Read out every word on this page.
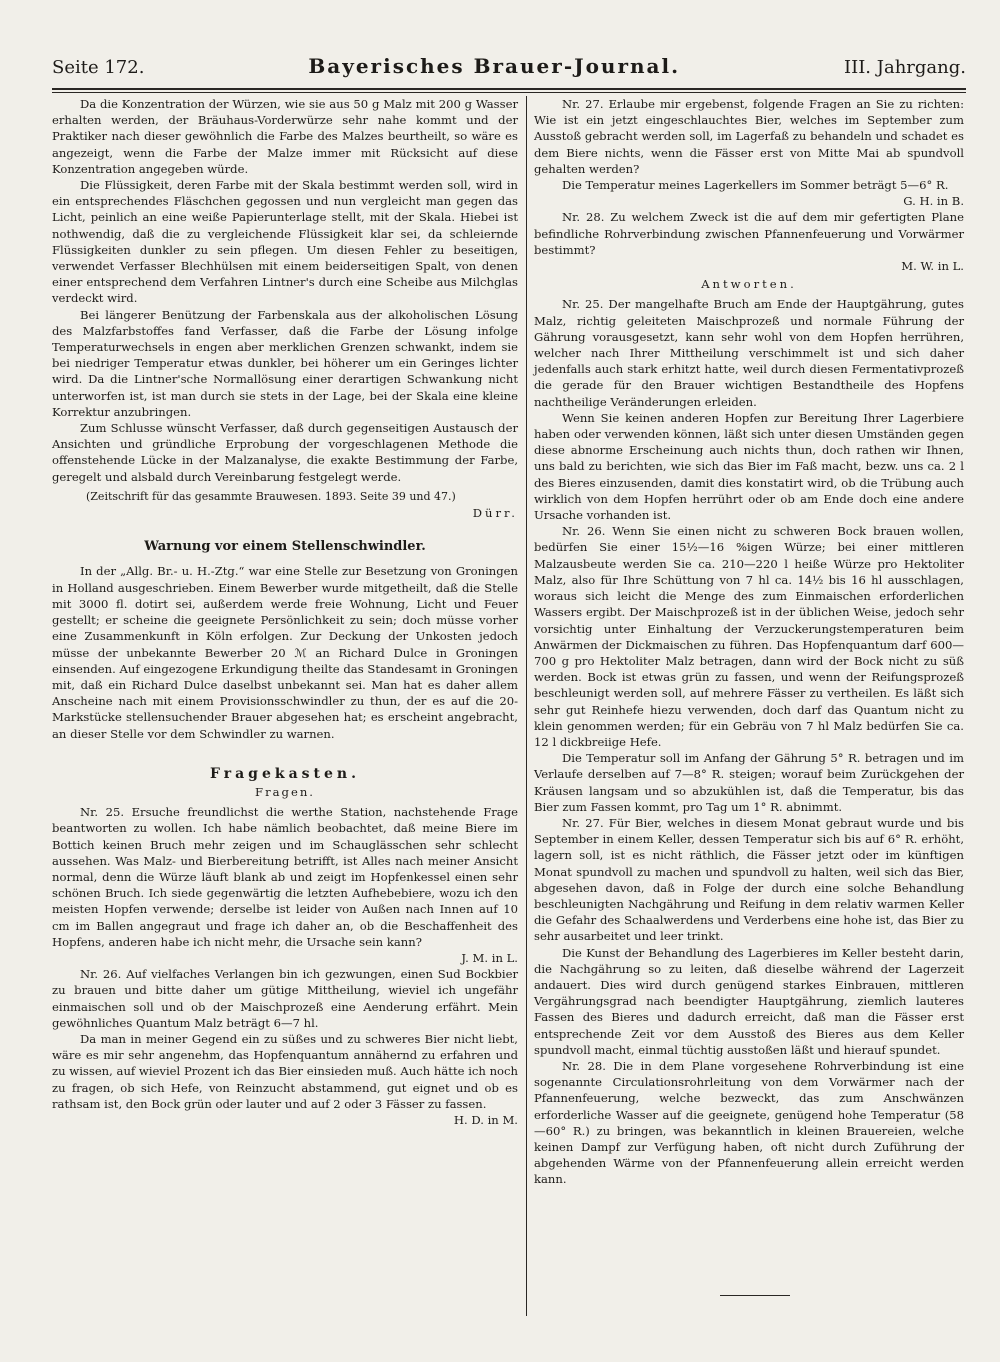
Seite 172.	Bayerisches Brauer-Journal.	III. Jahrgang.

Da die Konzentration der Würzen, wie sie aus 50 g Malz mit 200 g Wasser erhalten werden, der Bräuhaus-Vorderwürze sehr nahe kommt und der Praktiker nach dieser gewöhnlich die Farbe des Malzes beurtheilt, so wäre es angezeigt, wenn die Farbe der Malze immer mit Rücksicht auf diese Konzentration angegeben würde.

Die Flüssigkeit, deren Farbe mit der Skala bestimmt werden soll, wird in ein entsprechendes Fläschchen gegossen und nun vergleicht man gegen das Licht, peinlich an eine weiße Papierunterlage stellt, mit der Skala. Hiebei ist nothwendig, daß die zu vergleichende Flüssigkeit klar sei, da schleiernde Flüssigkeiten dunkler zu sein pflegen. Um diesen Fehler zu beseitigen, verwendet Verfasser Blechhülsen mit einem beiderseitigen Spalt, von denen einer entsprechend dem Verfahren Lintner's durch eine Scheibe aus Milchglas verdeckt wird.

Bei längerer Benützung der Farbenskala aus der alkoholischen Lösung des Malzfarbstoffes fand Verfasser, daß die Farbe der Lösung infolge Temperaturwechsels in engen aber merklichen Grenzen schwankt, indem sie bei niedriger Temperatur etwas dunkler, bei höherer um ein Geringes lichter wird. Da die Lintner'sche Normallösung einer derartigen Schwankung nicht unterworfen ist, ist man durch sie stets in der Lage, bei der Skala eine kleine Korrektur anzubringen.

Zum Schlusse wünscht Verfasser, daß durch gegenseitigen Austausch der Ansichten und gründliche Erprobung der vorgeschlagenen Methode die offenstehende Lücke in der Malzanalyse, die exakte Bestimmung der Farbe, geregelt und alsbald durch Vereinbarung festgelegt werde.

(Zeitschrift für das gesammte Brauwesen. 1893. Seite 39 und 47.)

Dürr.

Warnung vor einem Stellenschwindler.

In der „Allg. Br.- u. H.-Ztg.“ war eine Stelle zur Besetzung von Groningen in Holland ausgeschrieben. Einem Bewerber wurde mitgetheilt, daß die Stelle mit 3000 fl. dotirt sei, außerdem werde freie Wohnung, Licht und Feuer gestellt; er scheine die geeignete Persönlichkeit zu sein; doch müsse vorher eine Zusammenkunft in Köln erfolgen. Zur Deckung der Unkosten jedoch müsse der unbekannte Bewerber 20 ℳ an Richard Dulce in Groningen einsenden. Auf eingezogene Erkundigung theilte das Standesamt in Groningen mit, daß ein Richard Dulce daselbst unbekannt sei. Man hat es daher allem Anscheine nach mit einem Provisionsschwindler zu thun, der es auf die 20-Markstücke stellensuchender Brauer abgesehen hat; es erscheint angebracht, an dieser Stelle vor dem Schwindler zu warnen.

Fragekasten.

Fragen.

Nr. 25. Ersuche freundlichst die werthe Station, nachstehende Frage beantworten zu wollen. Ich habe nämlich beobachtet, daß meine Biere im Bottich keinen Bruch mehr zeigen und im Schauglässchen sehr schlecht aussehen. Was Malz- und Bierbereitung betrifft, ist Alles nach meiner Ansicht normal, denn die Würze läuft blank ab und zeigt im Hopfenkessel einen sehr schönen Bruch. Ich siede gegenwärtig die letzten Aufhebebiere, wozu ich den meisten Hopfen verwende; derselbe ist leider von Außen nach Innen auf 10 cm im Ballen angegraut und frage ich daher an, ob die Beschaffenheit des Hopfens, anderen habe ich nicht mehr, die Ursache sein kann?

J. M. in L.

Nr. 26. Auf vielfaches Verlangen bin ich gezwungen, einen Sud Bockbier zu brauen und bitte daher um gütige Mittheilung, wieviel ich ungefähr einmaischen soll und ob der Maischprozeß eine Aenderung erfährt. Mein gewöhnliches Quantum Malz beträgt 6—7 hl.

Da man in meiner Gegend ein zu süßes und zu schweres Bier nicht liebt, wäre es mir sehr angenehm, das Hopfenquantum annähernd zu erfahren und zu wissen, auf wieviel Prozent ich das Bier einsieden muß. Auch hätte ich noch zu fragen, ob sich Hefe, von Reinzucht abstammend, gut eignet und ob es rathsam ist, den Bock grün oder lauter und auf 2 oder 3 Fässer zu fassen.

H. D. in M.

Nr. 27. Erlaube mir ergebenst, folgende Fragen an Sie zu richten: Wie ist ein jetzt eingeschlauchtes Bier, welches im September zum Ausstoß gebracht werden soll, im Lagerfaß zu behandeln und schadet es dem Biere nichts, wenn die Fässer erst von Mitte Mai ab spundvoll gehalten werden?

Die Temperatur meines Lagerkellers im Sommer beträgt 5—6° R.

G. H. in B.

Nr. 28. Zu welchem Zweck ist die auf dem mir gefertigten Plane befindliche Rohrverbindung zwischen Pfannenfeuerung und Vorwärmer bestimmt?

M. W. in L.

Antworten.

Nr. 25. Der mangelhafte Bruch am Ende der Hauptgährung, gutes Malz, richtig geleiteten Maischprozeß und normale Führung der Gährung vorausgesetzt, kann sehr wohl von dem Hopfen herrühren, welcher nach Ihrer Mittheilung verschimmelt ist und sich daher jedenfalls auch stark erhitzt hatte, weil durch diesen Fermentativprozeß die gerade für den Brauer wichtigen Bestandtheile des Hopfens nachtheilige Veränderungen erleiden.

Wenn Sie keinen anderen Hopfen zur Bereitung Ihrer Lagerbiere haben oder verwenden können, läßt sich unter diesen Umständen gegen diese abnorme Erscheinung auch nichts thun, doch rathen wir Ihnen, uns bald zu berichten, wie sich das Bier im Faß macht, bezw. uns ca. 2 l des Bieres einzusenden, damit dies konstatirt wird, ob die Trübung auch wirklich von dem Hopfen herrührt oder ob am Ende doch eine andere Ursache vorhanden ist.

Nr. 26. Wenn Sie einen nicht zu schweren Bock brauen wollen, bedürfen Sie einer 15½—16 %igen Würze; bei einer mittleren Malzausbeute werden Sie ca. 210—220 l heiße Würze pro Hektoliter Malz, also für Ihre Schüttung von 7 hl ca. 14½ bis 16 hl ausschlagen, woraus sich leicht die Menge des zum Einmaischen erforderlichen Wassers ergibt. Der Maischprozeß ist in der üblichen Weise, jedoch sehr vorsichtig unter Einhaltung der Verzuckerungstemperaturen beim Anwärmen der Dickmaischen zu führen. Das Hopfenquantum darf 600—700 g pro Hektoliter Malz betragen, dann wird der Bock nicht zu süß werden. Bock ist etwas grün zu fassen, und wenn der Reifungsprozeß beschleunigt werden soll, auf mehrere Fässer zu vertheilen. Es läßt sich sehr gut Reinhefe hiezu verwenden, doch darf das Quantum nicht zu klein genommen werden; für ein Gebräu von 7 hl Malz bedürfen Sie ca. 12 l dickbreiige Hefe.

Die Temperatur soll im Anfang der Gährung 5° R. betragen und im Verlaufe derselben auf 7—8° R. steigen; worauf beim Zurückgehen der Kräusen langsam und so abzukühlen ist, daß die Temperatur, bis das Bier zum Fassen kommt, pro Tag um 1° R. abnimmt.

Nr. 27. Für Bier, welches in diesem Monat gebraut wurde und bis September in einem Keller, dessen Temperatur sich bis auf 6° R. erhöht, lagern soll, ist es nicht räthlich, die Fässer jetzt oder im künftigen Monat spundvoll zu machen und spundvoll zu halten, weil sich das Bier, abgesehen davon, daß in Folge der durch eine solche Behandlung beschleunigten Nachgährung und Reifung in dem relativ warmen Keller die Gefahr des Schaalwerdens und Verderbens eine hohe ist, das Bier zu sehr ausarbeitet und leer trinkt.

Die Kunst der Behandlung des Lagerbieres im Keller besteht darin, die Nachgährung so zu leiten, daß dieselbe während der Lagerzeit andauert. Dies wird durch genügend starkes Einbrauen, mittleren Vergährungsgrad nach beendigter Hauptgährung, ziemlich lauteres Fassen des Bieres und dadurch erreicht, daß man die Fässer erst entsprechende Zeit vor dem Ausstoß des Bieres aus dem Keller spundvoll macht, einmal tüchtig ausstoßen läßt und hierauf spundet.

Nr. 28. Die in dem Plane vorgesehene Rohrverbindung ist eine sogenannte Circulationsrohrleitung von dem Vorwärmer nach der Pfannenfeuerung, welche bezweckt, das zum Anschwänzen erforderliche Wasser auf die geeignete, genügend hohe Temperatur (58—60° R.) zu bringen, was bekanntlich in kleinen Brauereien, welche keinen Dampf zur Verfügung haben, oft nicht durch Zuführung der abgehenden Wärme von der Pfannenfeuerung allein erreicht werden kann.
